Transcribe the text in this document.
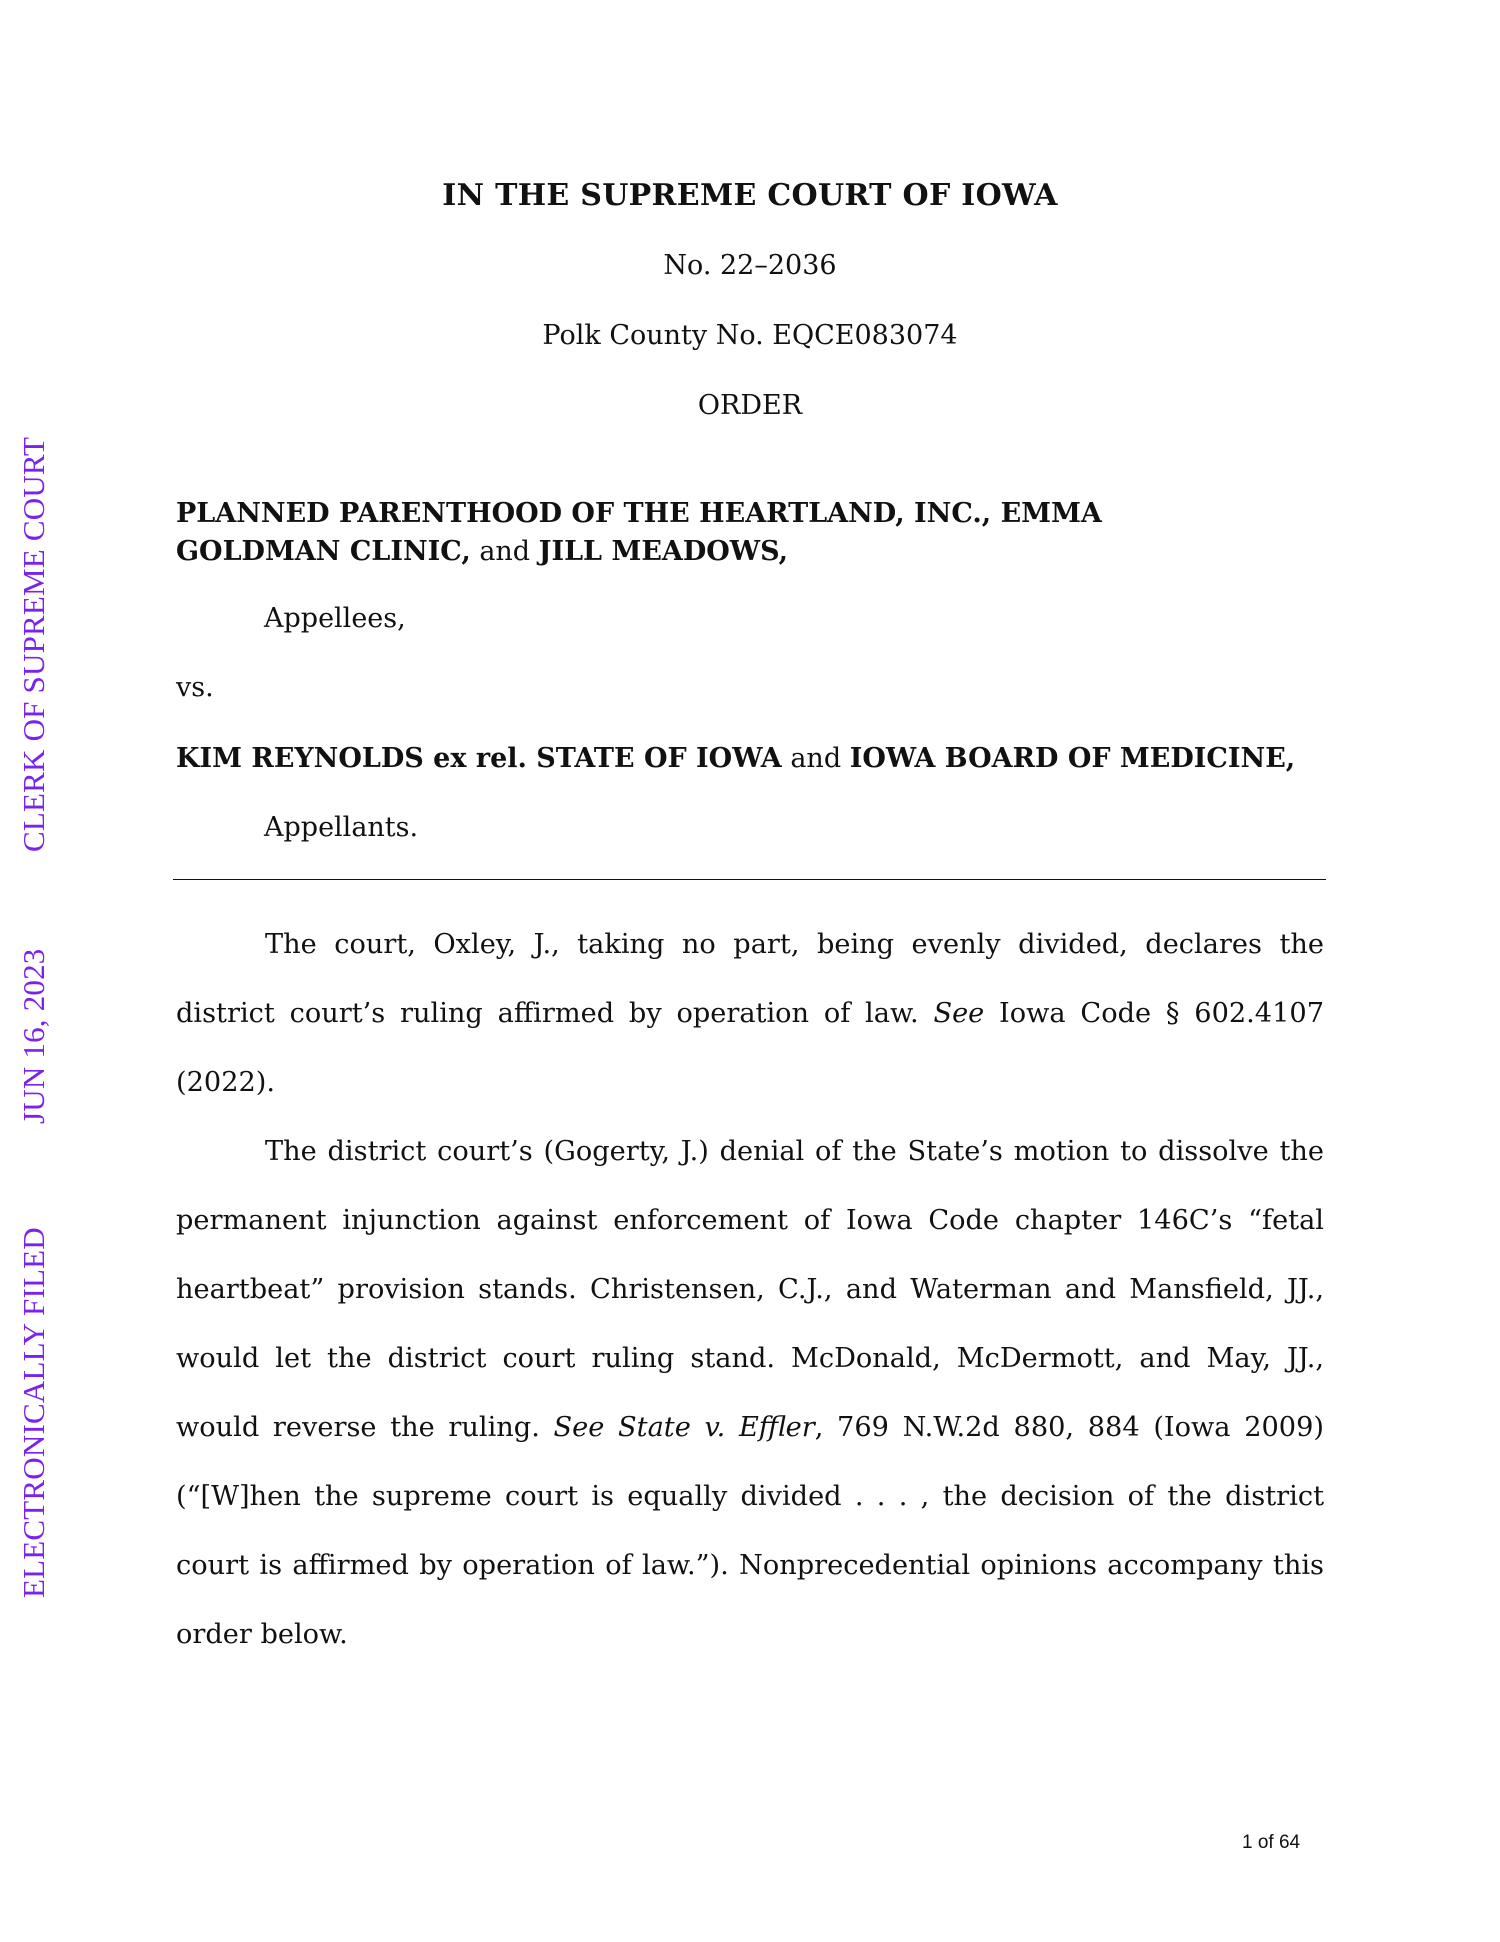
ELECTRONICALLY FILED
JUN 16, 2023
CLERK OF SUPREME COURT
IN THE SUPREME COURT OF IOWA
No. 22–2036
Polk County No. EQCE083074
ORDER
PLANNED PARENTHOOD OF THE HEARTLAND, INC., EMMA
GOLDMAN CLINIC, and JILL MEADOWS,
Appellees,
vs.
KIM REYNOLDS ex rel. STATE OF IOWA and IOWA BOARD OF MEDICINE,
Appellants.

The court, Oxley, J., taking no part, being evenly divided, declares the district court’s ruling affirmed by operation of law. See Iowa Code § 602.4107 (2022).

The district court’s (Gogerty, J.) denial of the State’s motion to dissolve the permanent injunction against enforcement of Iowa Code chapter 146C’s “fetal heartbeat” provision stands. Christensen, C.J., and Waterman and Mansfield, JJ., would let the district court ruling stand. McDonald, McDermott, and May, JJ., would reverse the ruling. See State v. Effler, 769 N.W.2d 880, 884 (Iowa 2009) (“[W]hen the supreme court is equally divided . . . , the decision of the district court is affirmed by operation of law.”). Nonprecedential opinions accompany this order below.

1 of 64
